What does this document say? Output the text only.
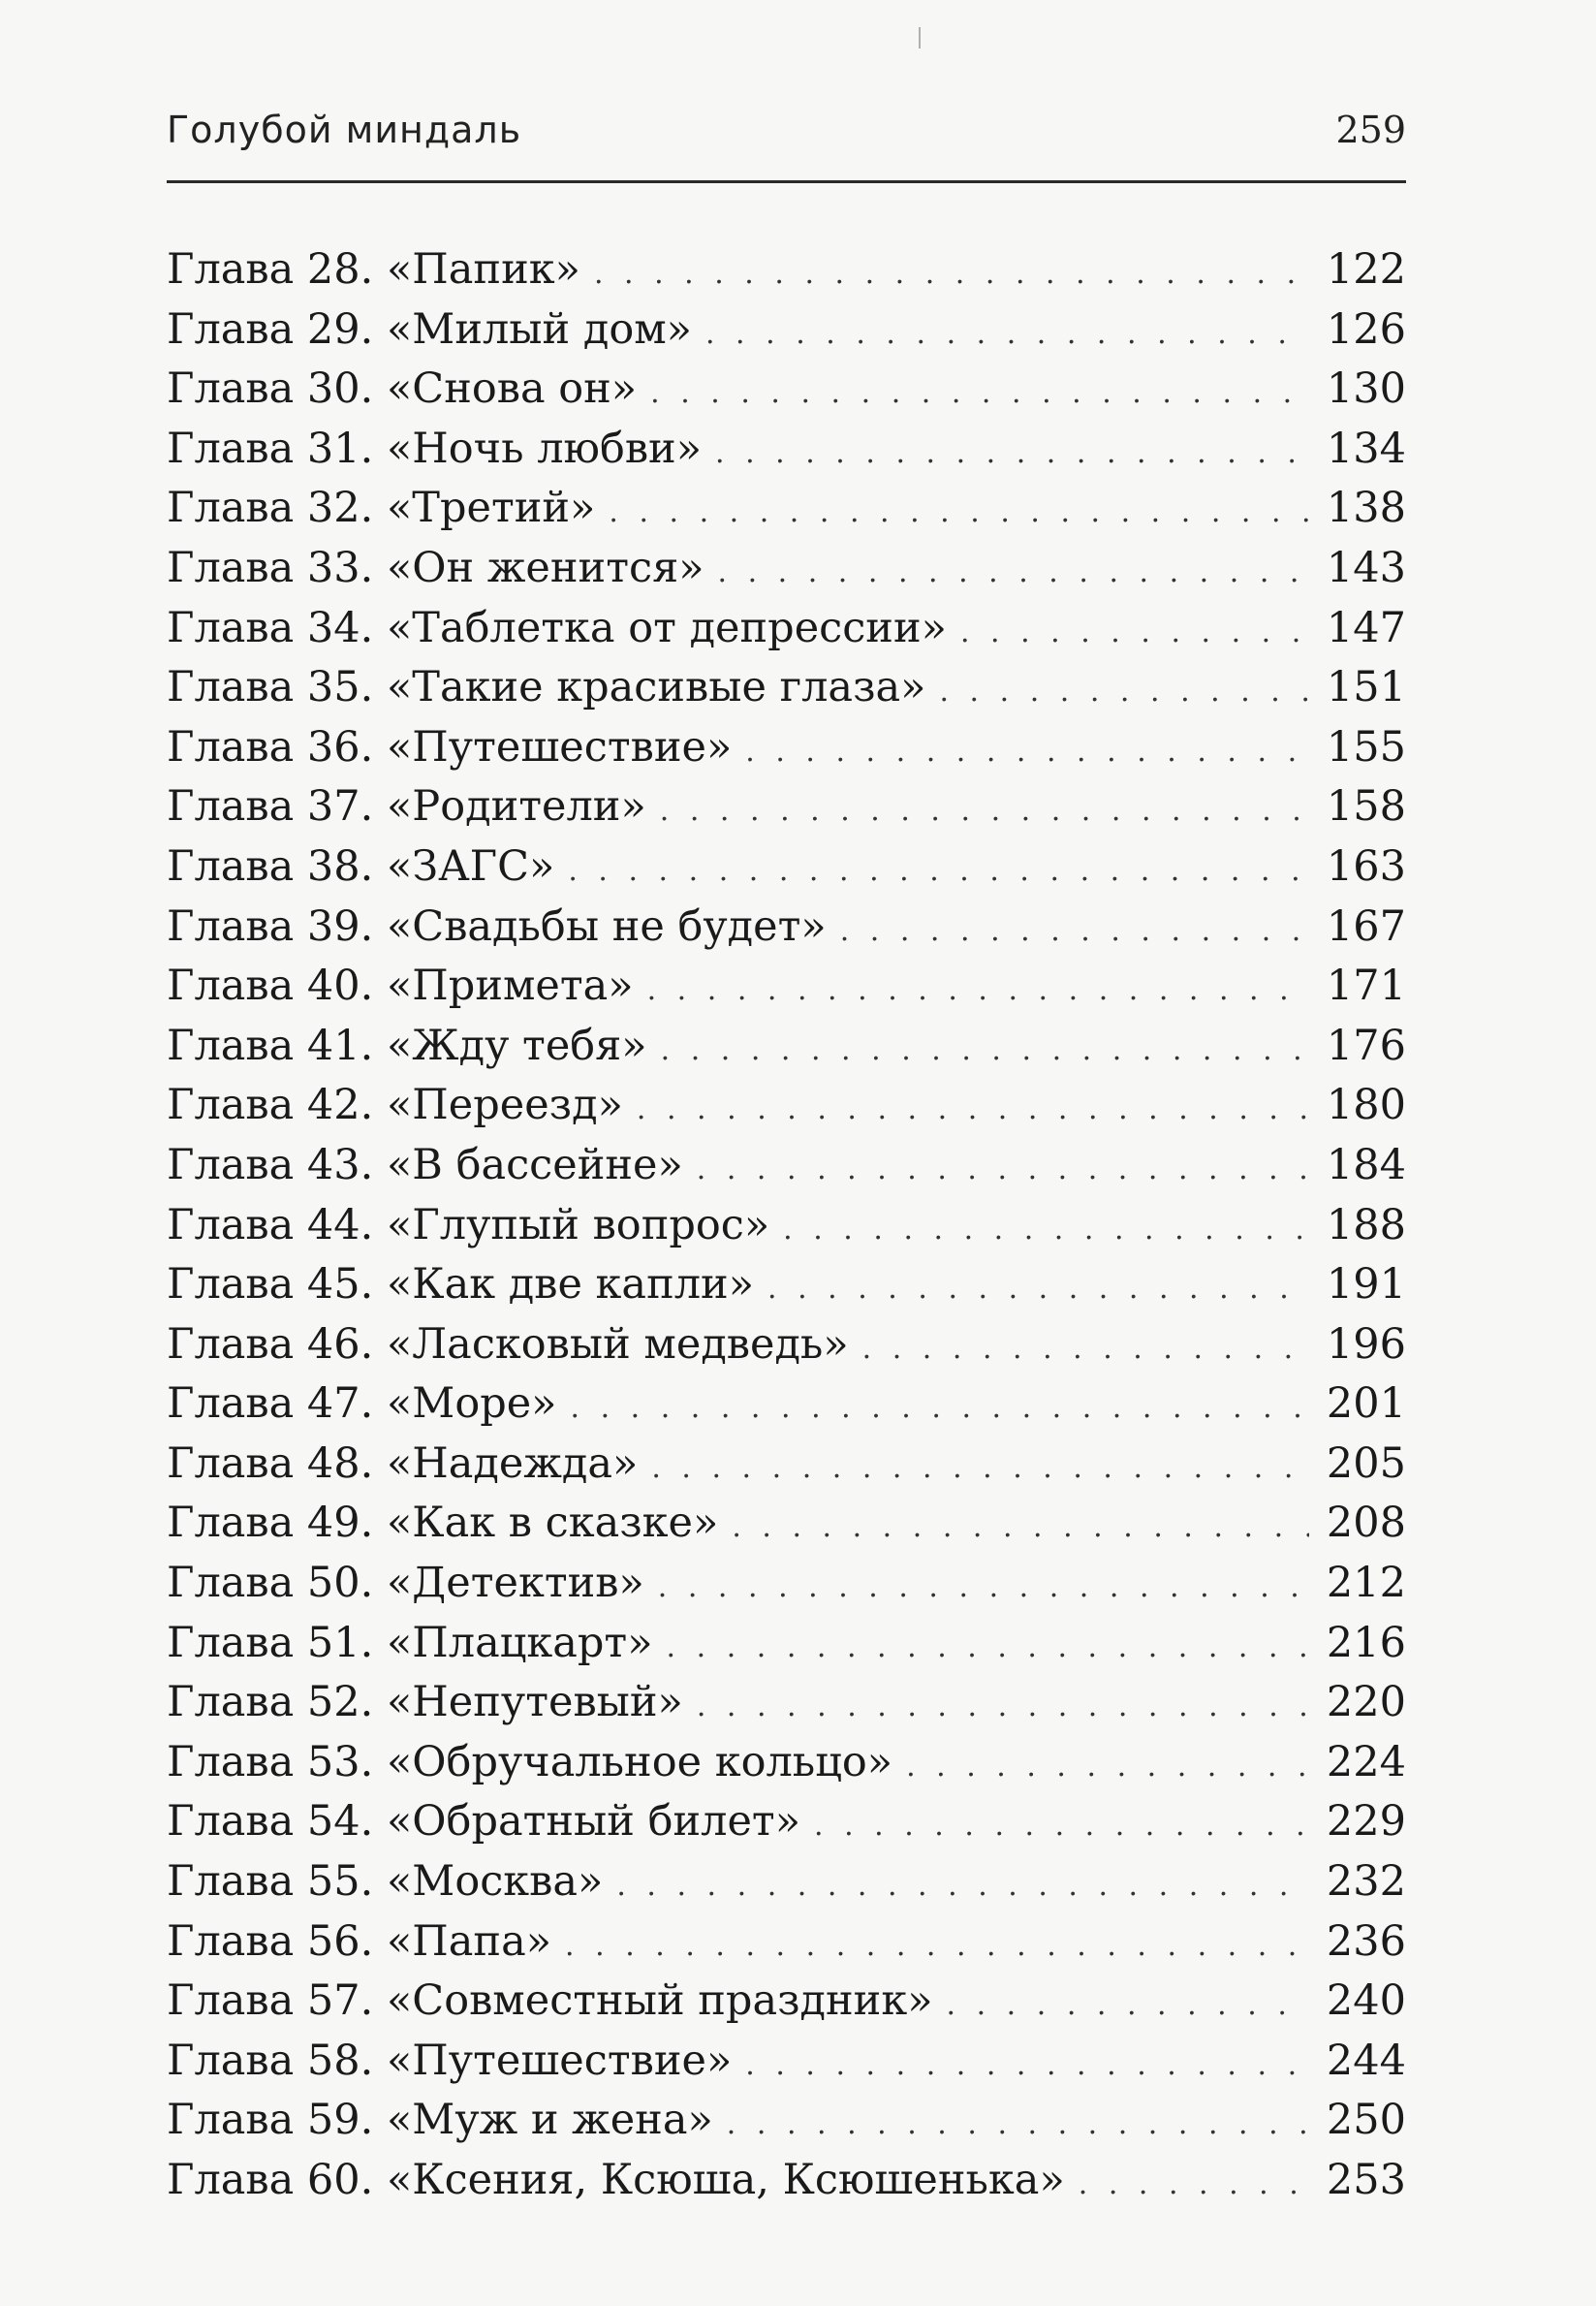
Голубой миндаль	259
Глава 28. «Папик» . . .	122
Глава 29. «Милый дом» . . .	126
Глава 30. «Снова он» . . .	130
Глава 31. «Ночь любви» . . .	134
Глава 32. «Третий» . . .	138
Глава 33. «Он женится» . . .	143
Глава 34. «Таблетка от депрессии» . . .	147
Глава 35. «Такие красивые глаза» . . .	151
Глава 36. «Путешествие» . . .	155
Глава 37. «Родители» . . .	158
Глава 38. «ЗАГС» . . .	163
Глава 39. «Свадьбы не будет» . . .	167
Глава 40. «Примета» . . .	171
Глава 41. «Жду тебя» . . .	176
Глава 42. «Переезд» . . .	180
Глава 43. «В бассейне» . . .	184
Глава 44. «Глупый вопрос» . . .	188
Глава 45. «Как две капли» . . .	191
Глава 46. «Ласковый медведь» . . .	196
Глава 47. «Море» . . .	201
Глава 48. «Надежда» . . .	205
Глава 49. «Как в сказке» . . .	208
Глава 50. «Детектив» . . .	212
Глава 51. «Плацкарт» . . .	216
Глава 52. «Непутевый» . . .	220
Глава 53. «Обручальное кольцо» . . .	224
Глава 54. «Обратный билет» . . .	229
Глава 55. «Москва» . . .	232
Глава 56. «Папа» . . .	236
Глава 57. «Совместный праздник» . . .	240
Глава 58. «Путешествие» . . .	244
Глава 59. «Муж и жена» . . .	250
Глава 60. «Ксения, Ксюша, Ксюшенька» . . .	253
